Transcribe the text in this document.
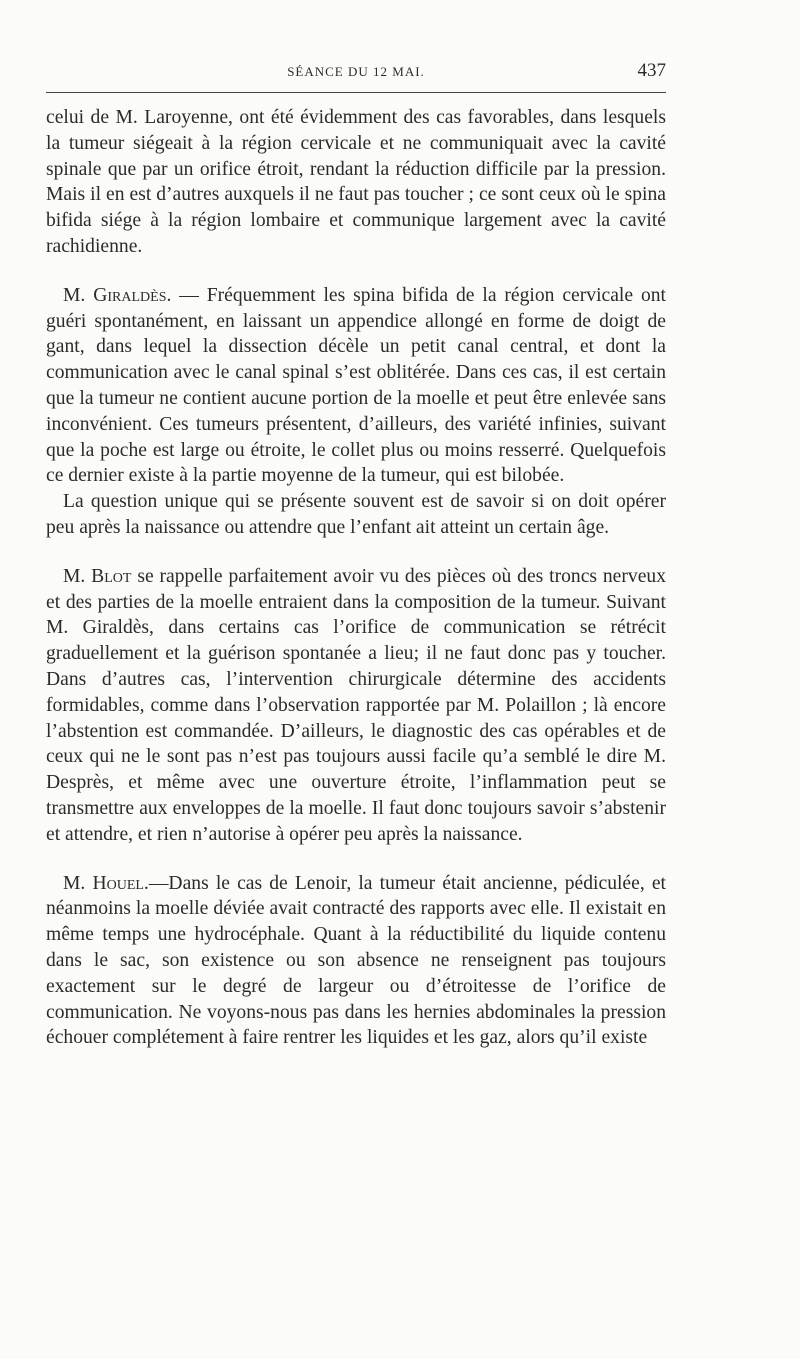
SÉANCE DU 12 MAI.	437

celui de M. Laroyenne, ont été évidemment des cas favorables, dans lesquels la tumeur siégeait à la région cervicale et ne communiquait avec la cavité spinale que par un orifice étroit, rendant la réduction difficile par la pression. Mais il en est d’autres auxquels il ne faut pas toucher ; ce sont ceux où le spina bifida siége à la région lombaire et communique largement avec la cavité rachidienne.

M. Giraldès. — Fréquemment les spina bifida de la région cervicale ont guéri spontanément, en laissant un appendice allongé en forme de doigt de gant, dans lequel la dissection décèle un petit canal central, et dont la communication avec le canal spinal s’est oblitérée. Dans ces cas, il est certain que la tumeur ne contient aucune portion de la moelle et peut être enlevée sans inconvénient. Ces tumeurs présentent, d’ailleurs, des variété infinies, suivant que la poche est large ou étroite, le collet plus ou moins resserré. Quelquefois ce dernier existe à la partie moyenne de la tumeur, qui est bilobée.

La question unique qui se présente souvent est de savoir si on doit opérer peu après la naissance ou attendre que l’enfant ait atteint un certain âge.

M. Blot se rappelle parfaitement avoir vu des pièces où des troncs nerveux et des parties de la moelle entraient dans la composition de la tumeur. Suivant M. Giraldès, dans certains cas l’orifice de communication se rétrécit graduellement et la guérison spontanée a lieu; il ne faut donc pas y toucher. Dans d’autres cas, l’intervention chirurgicale détermine des accidents formidables, comme dans l’observation rapportée par M. Polaillon ; là encore l’abstention est commandée. D’ailleurs, le diagnostic des cas opérables et de ceux qui ne le sont pas n’est pas toujours aussi facile qu’a semblé le dire M. Desprès, et même avec une ouverture étroite, l’inflammation peut se transmettre aux enveloppes de la moelle. Il faut donc toujours savoir s’abstenir et attendre, et rien n’autorise à opérer peu après la naissance.

M. Houel.—Dans le cas de Lenoir, la tumeur était ancienne, pédiculée, et néanmoins la moelle déviée avait contracté des rapports avec elle. Il existait en même temps une hydrocéphale. Quant à la réductibilité du liquide contenu dans le sac, son existence ou son absence ne renseignent pas toujours exactement sur le degré de largeur ou d’étroitesse de l’orifice de communication. Ne voyons-nous pas dans les hernies abdominales la pression échouer complétement à faire rentrer les liquides et les gaz, alors qu’il existe
